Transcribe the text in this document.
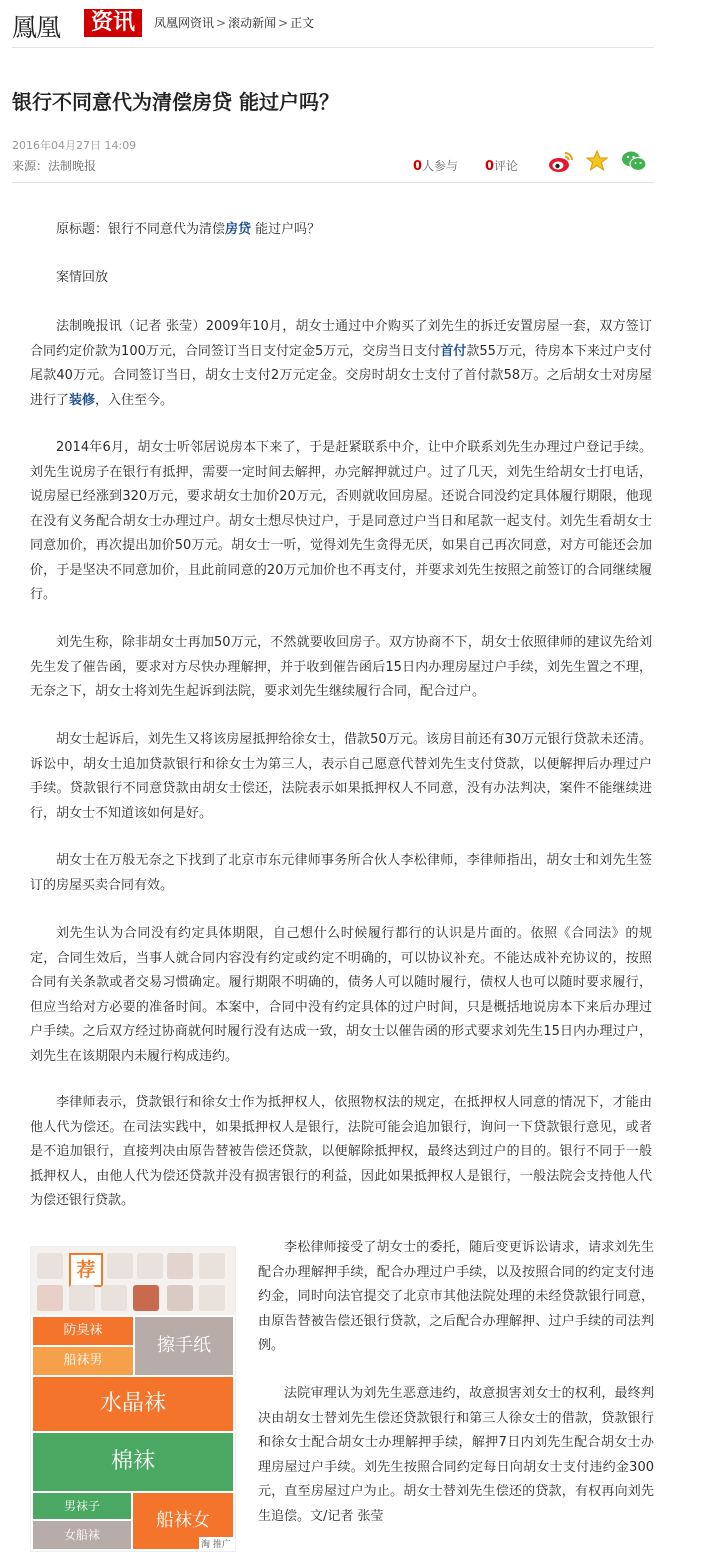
鳳凰	资讯	凤凰网资讯 > 滚动新闻 > 正文
银行不同意代为清偿房贷 能过户吗？
2016年04月27日 14:09
来源：法制晚报	0人参与 0评论

原标题：银行不同意代为清偿房贷 能过户吗？

案情回放

法制晚报讯（记者 张莹）2009年10月，胡女士通过中介购买了刘先生的拆迁安置房屋一套，双方签订合同约定价款为100万元，合同签订当日支付定金5万元，交房当日支付首付款55万元，待房本下来过户支付尾款40万元。合同签订当日，胡女士支付2万元定金。交房时胡女士支付了首付款58万。之后胡女士对房屋进行了装修，入住至今。

2014年6月，胡女士听邻居说房本下来了，于是赶紧联系中介，让中介联系刘先生办理过户登记手续。刘先生说房子在银行有抵押，需要一定时间去解押，办完解押就过户。过了几天，刘先生给胡女士打电话，说房屋已经涨到320万元，要求胡女士加价20万元，否则就收回房屋。还说合同没约定具体履行期限，他现在没有义务配合胡女士办理过户。胡女士想尽快过户，于是同意过户当日和尾款一起支付。刘先生看胡女士同意加价，再次提出加价50万元。胡女士一听，觉得刘先生贪得无厌，如果自己再次同意，对方可能还会加价，于是坚决不同意加价，且此前同意的20万元加价也不再支付，并要求刘先生按照之前签订的合同继续履行。

刘先生称，除非胡女士再加50万元，不然就要收回房子。双方协商不下，胡女士依照律师的建议先给刘先生发了催告函，要求对方尽快办理解押，并于收到催告函后15日内办理房屋过户手续，刘先生置之不理，无奈之下，胡女士将刘先生起诉到法院，要求刘先生继续履行合同，配合过户。

胡女士起诉后，刘先生又将该房屋抵押给徐女士，借款50万元。该房目前还有30万元银行贷款未还清。诉讼中，胡女士追加贷款银行和徐女士为第三人，表示自己愿意代替刘先生支付贷款，以便解押后办理过户手续。贷款银行不同意贷款由胡女士偿还，法院表示如果抵押权人不同意，没有办法判决，案件不能继续进行，胡女士不知道该如何是好。

胡女士在万般无奈之下找到了北京市东元律师事务所合伙人李松律师，李律师指出，胡女士和刘先生签订的房屋买卖合同有效。

刘先生认为合同没有约定具体期限，自己想什么时候履行都行的认识是片面的。依照《合同法》的规定，合同生效后，当事人就合同内容没有约定或约定不明确的，可以协议补充。不能达成补充协议的，按照合同有关条款或者交易习惯确定。履行期限不明确的，债务人可以随时履行，债权人也可以随时要求履行，但应当给对方必要的准备时间。本案中，合同中没有约定具体的过户时间，只是概括地说房本下来后办理过户手续。之后双方经过协商就何时履行没有达成一致，胡女士以催告函的形式要求刘先生15日内办理过户，刘先生在该期限内未履行构成违约。

李律师表示，贷款银行和徐女士作为抵押权人，依照物权法的规定，在抵押权人同意的情况下，才能由他人代为偿还。在司法实践中，如果抵押权人是银行，法院可能会追加银行，询问一下贷款银行意见，或者是不追加银行，直接判决由原告替被告偿还贷款，以便解除抵押权，最终达到过户的目的。银行不同于一般抵押权人，由他人代为偿还贷款并没有损害银行的利益，因此如果抵押权人是银行，一般法院会支持他人代为偿还银行贷款。

李松律师接受了胡女士的委托，随后变更诉讼请求，请求刘先生配合办理解押手续，配合办理过户手续，以及按照合同的约定支付违约金，同时向法官提交了北京市其他法院处理的未经贷款银行同意，由原告替被告偿还银行贷款，之后配合办理解押、过户手续的司法判例。

法院审理认为刘先生恶意违约，故意损害刘女士的权利，最终判决由胡女士替刘先生偿还贷款银行和第三人徐女士的借款，贷款银行和徐女士配合胡女士办理解押手续，解押7日内刘先生配合胡女士办理房屋过户手续。刘先生按照合同约定每日向胡女士支付违约金300元，直至房屋过户为止。胡女士替刘先生偿还的贷款，有权再向刘先生追偿。文/记者 张莹

荐
防臭袜
船袜男
擦手纸
水晶袜
棉袜
男袜子
女船袜
船袜女
淘 推广
